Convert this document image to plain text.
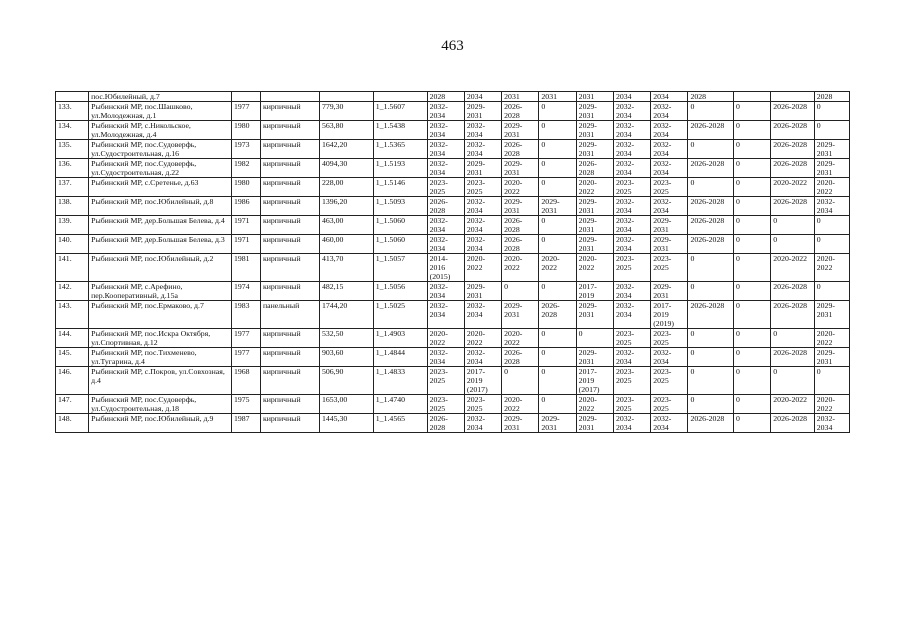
463
	пос.Юбилейный, д.7					2028	2034	2031	2031	2031	2034	2034	2028			2028
133.	Рыбинский МР, пос.Шашково, ул.Молодежная, д.1	1977	кирпичный	779,30	1_1.5607	2032-2034	2029-2031	2026-2028	0	2029-2031	2032-2034	2032-2034	0	0	2026-2028	0
134.	Рыбинский МР, с.Никольское, ул.Молодежная, д.4	1980	кирпичный	563,80	1_1.5438	2032-2034	2032-2034	2029-2031	0	2029-2031	2032-2034	2032-2034	2026-2028	0	2026-2028	0
135.	Рыбинский МР, пос.Судоверфь, ул.Судостроительная, д.16	1973	кирпичный	1642,20	1_1.5365	2032-2034	2032-2034	2026-2028	0	2029-2031	2032-2034	2032-2034	0	0	2026-2028	2029-2031
136.	Рыбинский МР, пос.Судоверфь, ул.Судостроительная, д.22	1982	кирпичный	4094,30	1_1.5193	2032-2034	2029-2031	2029-2031	0	2026-2028	2032-2034	2032-2034	2026-2028	0	2026-2028	2029-2031
137.	Рыбинский МР, с.Сретенье, д.63	1980	кирпичный	228,00	1_1.5146	2023-2025	2023-2025	2020-2022	0	2020-2022	2023-2025	2023-2025	0	0	2020-2022	2020-2022
138.	Рыбинский МР, пос.Юбилейный, д.8	1986	кирпичный	1396,20	1_1.5093	2026-2028	2032-2034	2029-2031	2029-2031	2029-2031	2032-2034	2032-2034	2026-2028	0	2026-2028	2032-2034
139.	Рыбинский МР, дер.Большая Белева, д.4	1971	кирпичный	463,00	1_1.5060	2032-2034	2032-2034	2026-2028	0	2029-2031	2032-2034	2029-2031	2026-2028	0	0	0
140.	Рыбинский МР, дер.Большая Белева, д.3	1971	кирпичный	460,00	1_1.5060	2032-2034	2032-2034	2026-2028	0	2029-2031	2032-2034	2029-2031	2026-2028	0	0	0
141.	Рыбинский МР, пос.Юбилейный, д.2	1981	кирпичный	413,70	1_1.5057	2014-2016 (2015)	2020-2022	2020-2022	2020-2022	2020-2022	2023-2025	2023-2025	0	0	2020-2022	2020-2022
142.	Рыбинский МР, с.Арефино, пер.Кооперативный, д.15а	1974	кирпичный	482,15	1_1.5056	2032-2034	2029-2031	0	0	2017-2019	2032-2034	2029-2031	0	0	2026-2028	0
143.	Рыбинский МР, пос.Ермаково, д.7	1983	панельный	1744,20	1_1.5025	2032-2034	2032-2034	2029-2031	2026-2028	2029-2031	2032-2034	2017-2019 (2019)	2026-2028	0	2026-2028	2029-2031
144.	Рыбинский МР, пос.Искра Октября, ул.Спортивная, д.12	1977	кирпичный	532,50	1_1.4903	2020-2022	2020-2022	2020-2022	0	0	2023-2025	2023-2025	0	0	0	2020-2022
145.	Рыбинский МР, пос.Тихменево, ул.Тугарина, д.4	1977	кирпичный	903,60	1_1.4844	2032-2034	2032-2034	2026-2028	0	2029-2031	2032-2034	2032-2034	0	0	2026-2028	2029-2031
146.	Рыбинский МР, с.Покров, ул.Совхозная, д.4	1968	кирпичный	506,90	1_1.4833	2023-2025	2017-2019 (2017)	0	0	2017-2019 (2017)	2023-2025	2023-2025	0	0	0	0
147.	Рыбинский МР, пос.Судоверфь, ул.Судостроительная, д.18	1975	кирпичный	1653,00	1_1.4740	2023-2025	2023-2025	2020-2022	0	2020-2022	2023-2025	2023-2025	0	0	2020-2022	2020-2022
148.	Рыбинский МР, пос.Юбилейный, д.9	1987	кирпичный	1445,30	1_1.4565	2026-2028	2032-2034	2029-2031	2029-2031	2029-2031	2032-2034	2032-2034	2026-2028	0	2026-2028	2032-2034
